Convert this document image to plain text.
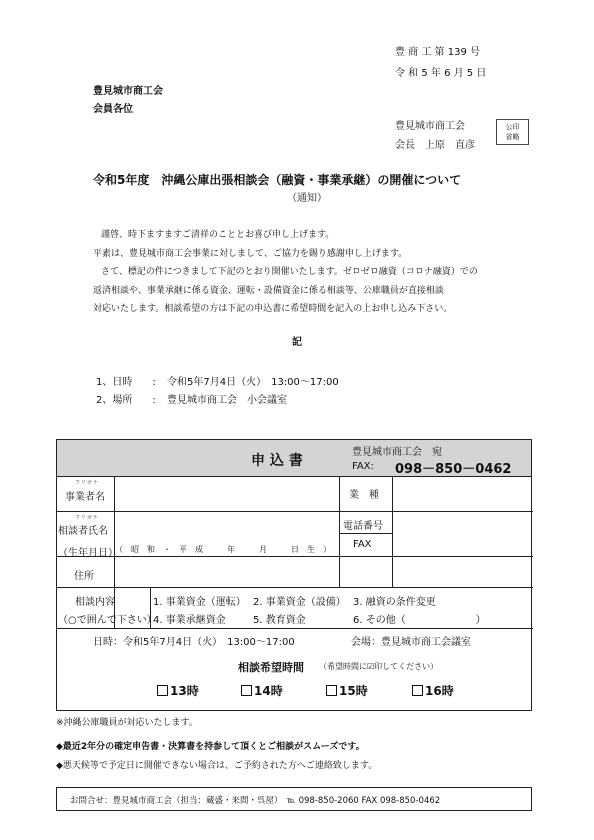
豊 商 工 第 139 号
令 和 5 年 6 月 5 日
豊見城市商工会
会員各位
豊見城市商工会
会長　上原　直彦
公印
省略
令和5年度　沖縄公庫出張相談会（融資・事業承継）の開催について
（通知）
謹啓、時下ますますご清祥のこととお喜び申し上げます。
平素は、豊見城市商工会事業に対しまして、ご協力を賜り感謝申し上げます。
さて、標記の件につきまして下記のとおり開催いたします。ゼロゼロ融資（コロナ融資）での
返済相談や、事業承継に係る資金、運転・設備資金に係る相談等、公庫職員が直接相談
対応いたします。相談希望の方は下記の申込書に希望時間を記入の上お申し込み下さい。
記
1、日時　　: 令和5年7月4日（火）　13:00～17:00
2、場所　　: 豊見城市商工会　小会議室
申 込 書
豊見城市商工会　宛
FAX: 098－850－0462
フリガナ
事業者名	業　種
フリガナ
相談者氏名	電話番号
FAX
（生年月日）
（　昭　和　・　平　成　　　年　　　月　　　日　生　）
住所
相談内容
（○で囲んで下さい）
1. 事業資金（運転） 2. 事業資金（設備） 3. 融資の条件変更
4. 事業承継資金	5. 教育資金	6. その他（　　　　　　　）
日時：令和5年7月4日（火）　13:00～17:00	会場：豊見城市商工会議室
相談希望時間 （希望時間に☑印してください）
13時	14時	15時	16時
※沖縄公庫職員が対応いたします。
◆最近2年分の確定申告書・決算書を持参して頂くとご相談がスムーズです。
◆悪天候等で予定日に開催できない場合は、ご予約された方へご連絡致します。
お問合せ：豊見城市商工会（担当：蔵盛・来間・呉屋）　℡ 098-850-2060 FAX 098-850-0462
